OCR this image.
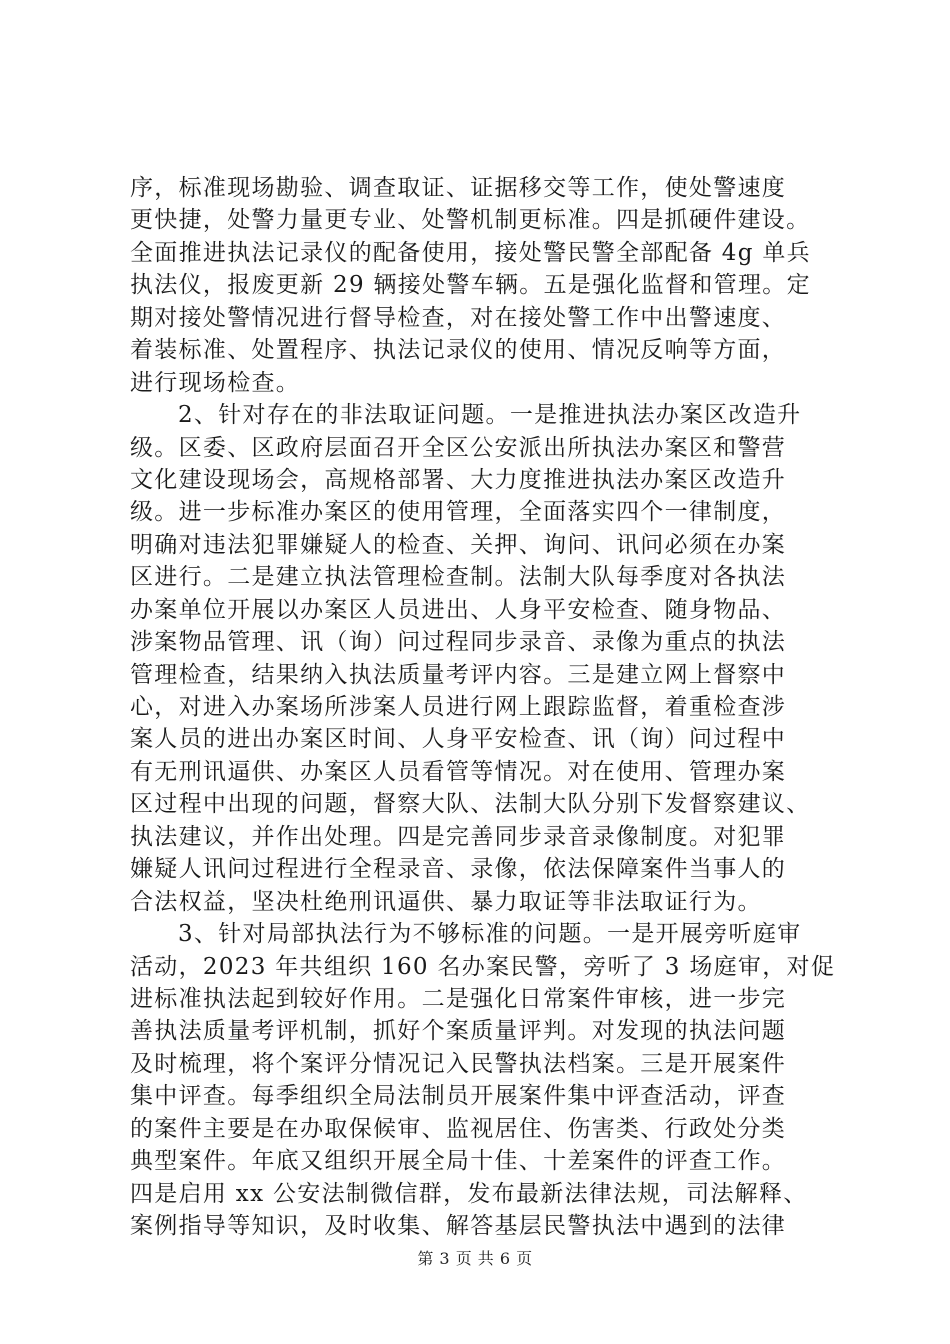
序，标准现场勘验、调查取证、证据移交等工作，使处警速度
更快捷，处警力量更专业、处警机制更标准。四是抓硬件建设。
全面推进执法记录仪的配备使用，接处警民警全部配备 4g 单兵
执法仪，报废更新 29 辆接处警车辆。五是强化监督和管理。定
期对接处警情况进行督导检查，对在接处警工作中出警速度、
着装标准、处置程序、执法记录仪的使用、情况反响等方面，
进行现场检查。
2、针对存在的非法取证问题。一是推进执法办案区改造升
级。区委、区政府层面召开全区公安派出所执法办案区和警营
文化建设现场会，高规格部署、大力度推进执法办案区改造升
级。进一步标准办案区的使用管理，全面落实四个一律制度，
明确对违法犯罪嫌疑人的检查、关押、询问、讯问必须在办案
区进行。二是建立执法管理检查制。法制大队每季度对各执法
办案单位开展以办案区人员进出、人身平安检查、随身物品、
涉案物品管理、讯（询）问过程同步录音、录像为重点的执法
管理检查，结果纳入执法质量考评内容。三是建立网上督察中
心，对进入办案场所涉案人员进行网上跟踪监督，着重检查涉
案人员的进出办案区时间、人身平安检查、讯（询）问过程中
有无刑讯逼供、办案区人员看管等情况。对在使用、管理办案
区过程中出现的问题，督察大队、法制大队分别下发督察建议、
执法建议，并作出处理。四是完善同步录音录像制度。对犯罪
嫌疑人讯问过程进行全程录音、录像，依法保障案件当事人的
合法权益，坚决杜绝刑讯逼供、暴力取证等非法取证行为。
3、针对局部执法行为不够标准的问题。一是开展旁听庭审
活动，2023 年共组织 160 名办案民警，旁听了 3 场庭审，对促
进标准执法起到较好作用。二是强化日常案件审核，进一步完
善执法质量考评机制，抓好个案质量评判。对发现的执法问题
及时梳理，将个案评分情况记入民警执法档案。三是开展案件
集中评查。每季组织全局法制员开展案件集中评查活动，评查
的案件主要是在办取保候审、监视居住、伤害类、行政处分类
典型案件。年底又组织开展全局十佳、十差案件的评查工作。
四是启用 xx 公安法制微信群，发布最新法律法规，司法解释、
案例指导等知识，及时收集、解答基层民警执法中遇到的法律
第 3 页 共 6 页
